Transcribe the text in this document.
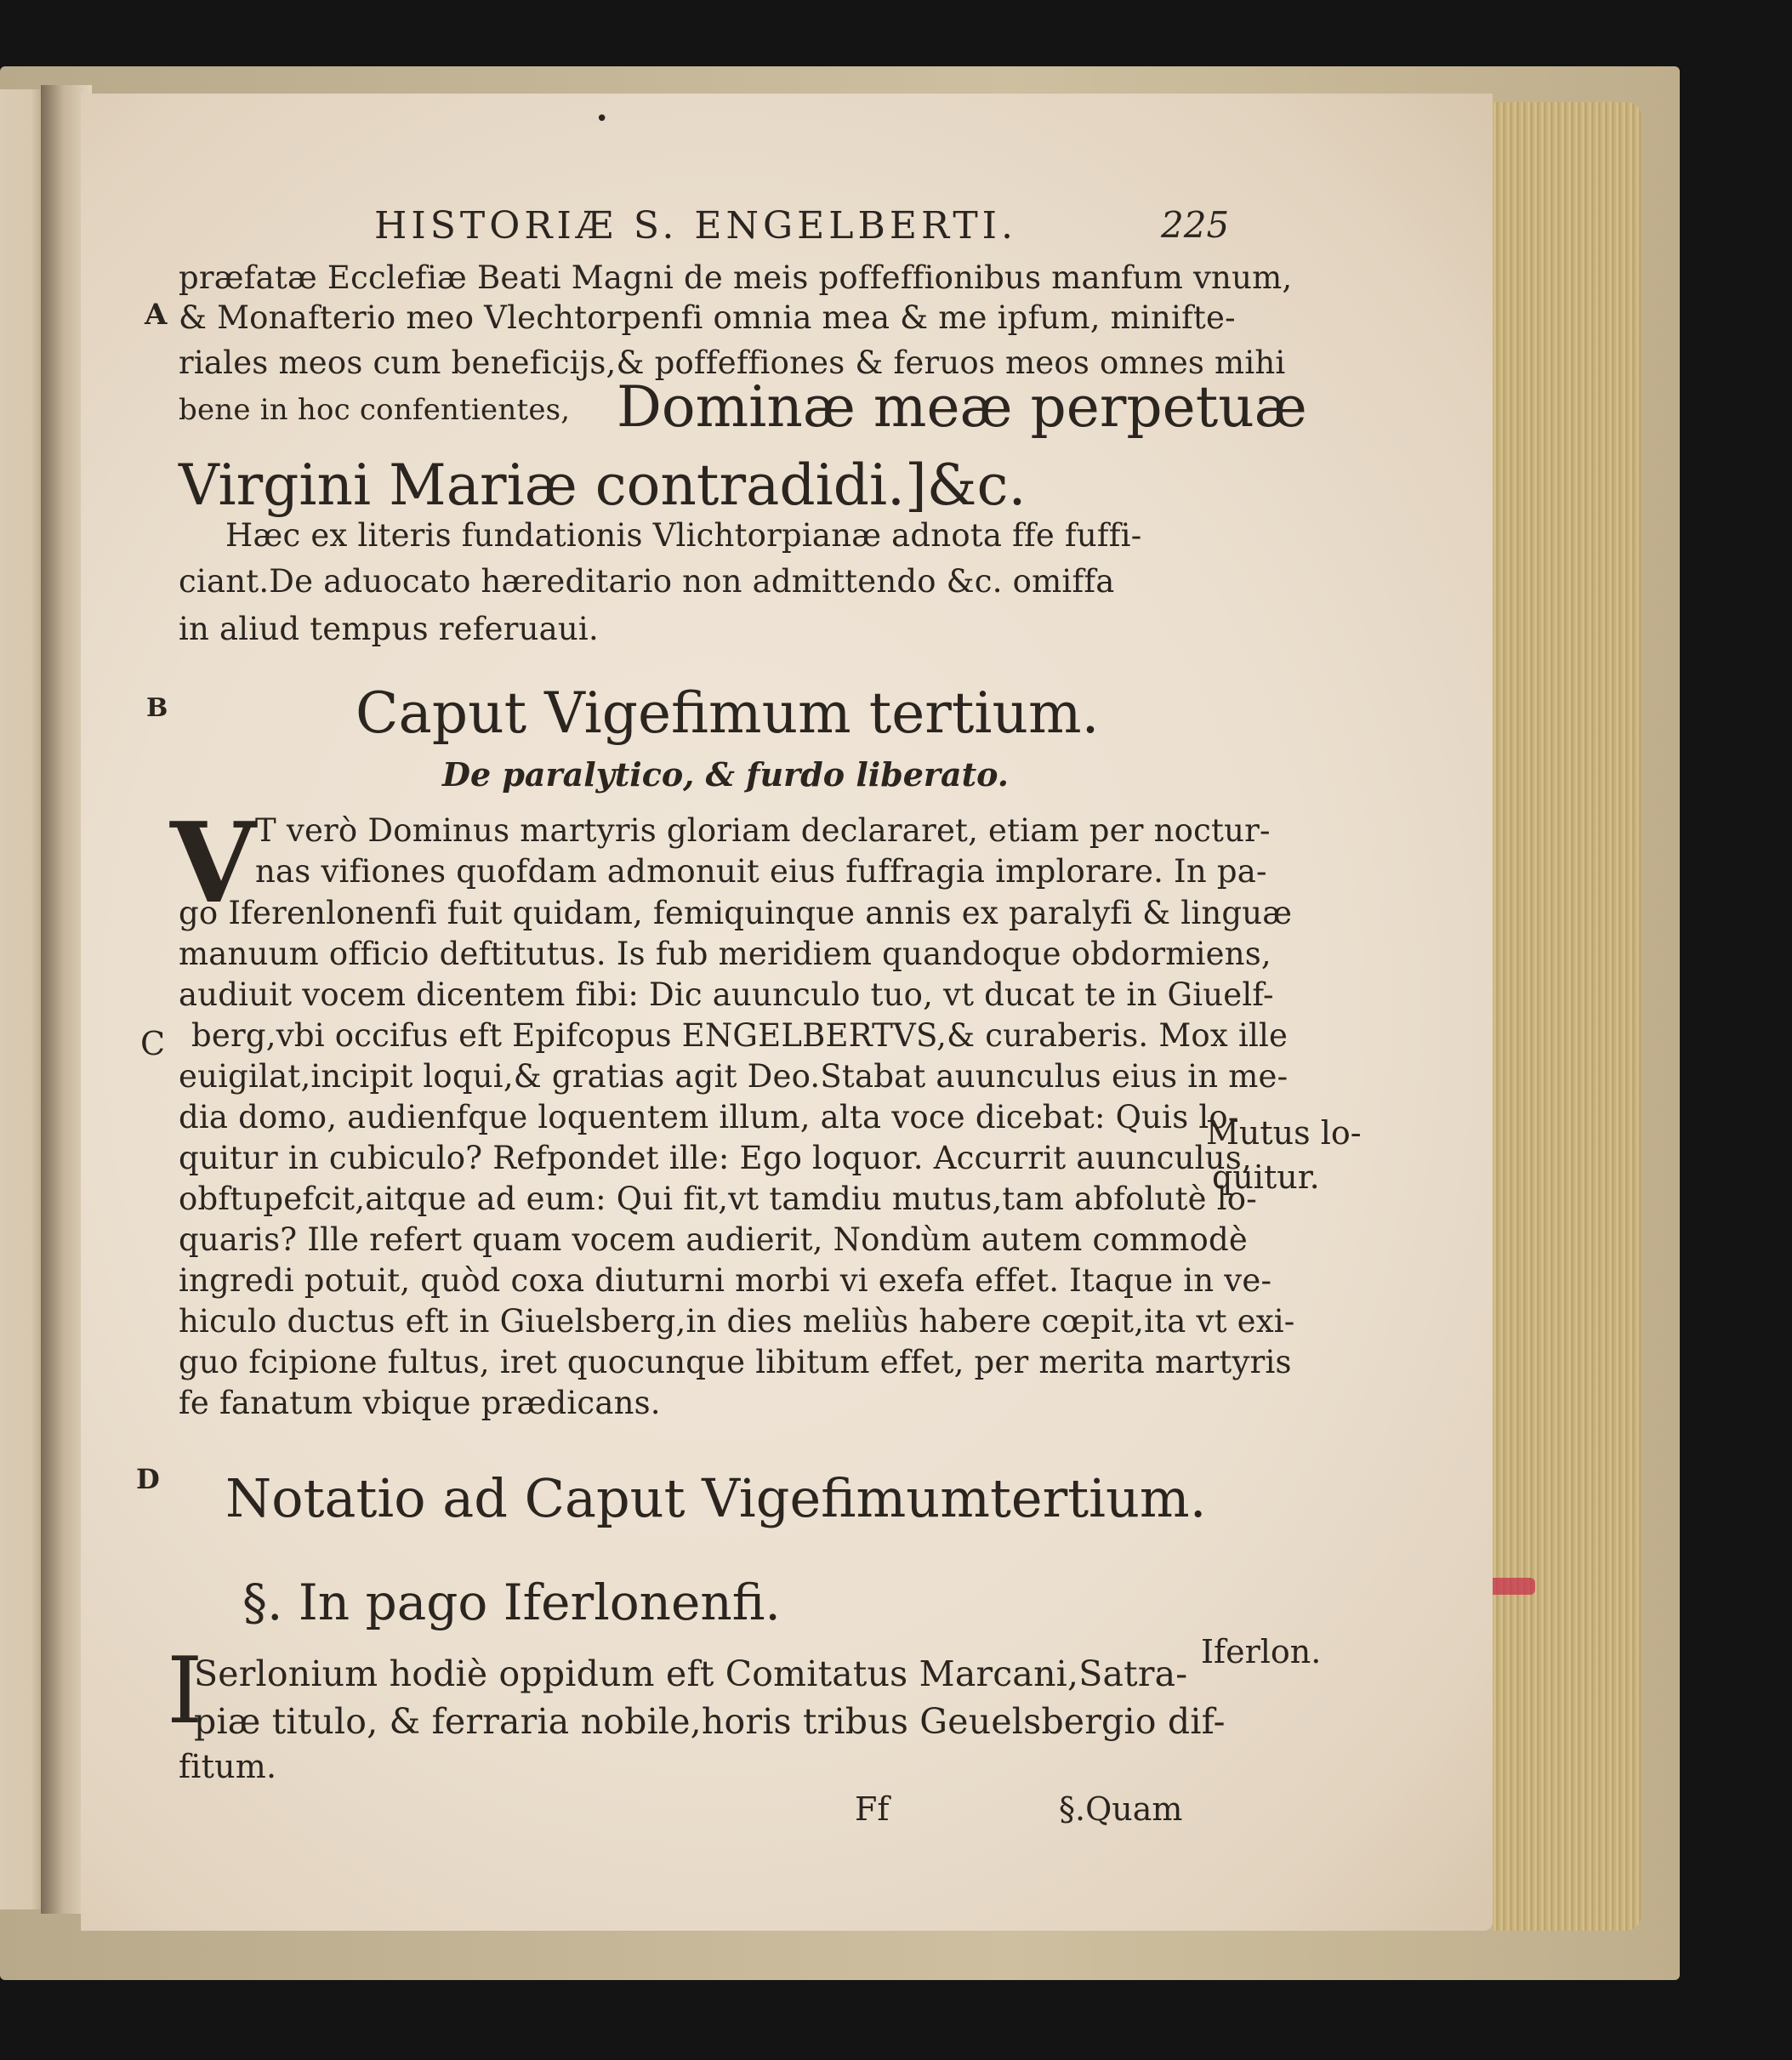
•
HISTORIÆ S. ENGELBERTI.	225
præfatæ Ecclefiæ Beati Magni de meis poffeffionibus manfum vnum,
A & Monafterio meo Vlechtorpenfi omnia mea & me ipfum, minifte-
riales meos cum beneficijs,& poffeffiones & feruos meos omnes mihi
bene in hoc confentientes, Dominæ meæ perpetuæ
Virgini Mariæ contradidi.]&c.
Hæc ex literis fundationis Vlichtorpianæ adnota ffe fuffi-
ciant.De aduocato hæreditario non admittendo &c. omiffa
in aliud tempus referuaui.
B	Caput Vigefimum tertium.
De paralytico, & furdo liberato.
V T verò Dominus martyris gloriam declararet, etiam per noctur-
nas vifiones quofdam admonuit eius fuffragia implorare. In pa-
go Iferenlonenfi fuit quidam, femiquinque annis ex paralyfi & linguæ
manuum officio deftitutus. Is fub meridiem quandoque obdormiens,
audiuit vocem dicentem fibi: Dic auunculo tuo, vt ducat te in Giuelf-
C berg,vbi occifus eft Epifcopus ENGELBERTVS,& curaberis. Mox ille
euigilat,incipit loqui,& gratias agit Deo.Stabat auunculus eius in me-
dia domo, audienfque loquentem illum, alta voce dicebat: Quis lo-
quitur in cubiculo? Refpondet ille: Ego loquor. Accurrit auunculus,
obftupefcit,aitque ad eum: Qui fit,vt tamdiu mutus,tam abfolutè lo-
quaris? Ille refert quam vocem audierit, Nondùm autem commodè
ingredi potuit, quòd coxa diuturni morbi vi exefa effet. Itaque in ve-
hiculo ductus eft in Giuelsberg,in dies meliùs habere cœpit,ita vt exi-
guo fcipione fultus, iret quocunque libitum effet, per merita martyris
fe fanatum vbique prædicans.
Mutus lo-
quitur.
D Notatio ad Caput Vigefimumtertium.
§. In pago Iferlonenfi.
I
Serlonium hodiè oppidum eft Comitatus Marcani,Satra-
piæ titulo, & ferraria nobile,horis tribus Geuelsbergio dif-
fitum.
Iferlon.
Ff	§.Quam
